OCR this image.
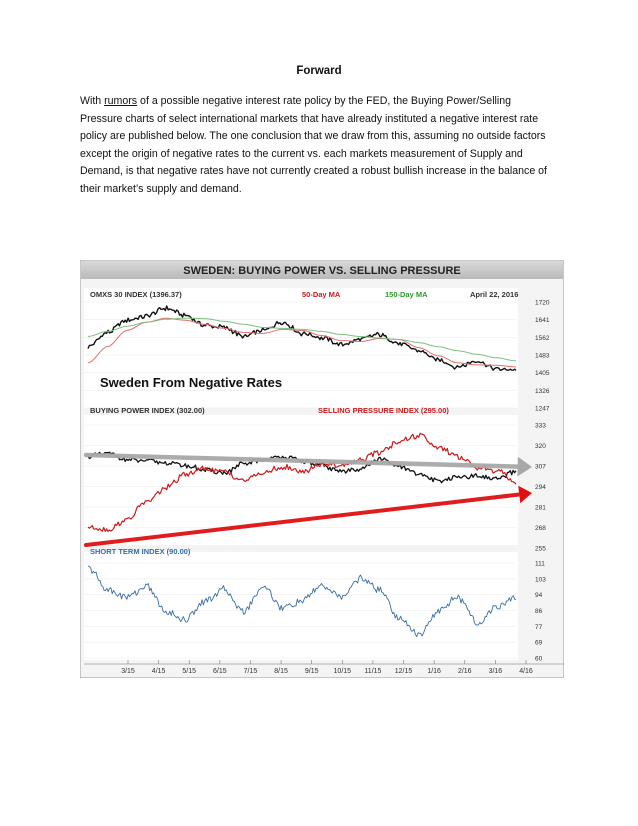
Forward

With rumors of a possible negative interest rate policy by the FED, the Buying Power/Selling Pressure charts of select international markets that have already instituted a negative interest rate policy are published below. The one conclusion that we draw from this, assuming no outside factors except the origin of negative rates to the current vs. each markets measurement of Supply and Demand, is that negative rates have not currently created a robust bullish increase in the balance of their market’s supply and demand.

SWEDEN: BUYING POWER VS. SELLING PRESSURE
OMXS 30 INDEX (1396.37)	50-Day MA	150-Day MA	April 22, 2016
BUYING POWER INDEX (302.00)	SELLING PRESSURE INDEX (295.00)
SHORT TERM INDEX (90.00)
Sweden From Negative Rates
1720
1641
1562
1483
1405
1326
1247
333
320
307
294
281
268
255
111
103
94
86
77
69
60
3/15 4/15 5/15 6/15 7/15 8/15 9/15 10/15 11/15 12/15 1/16 2/16 3/16 4/16
